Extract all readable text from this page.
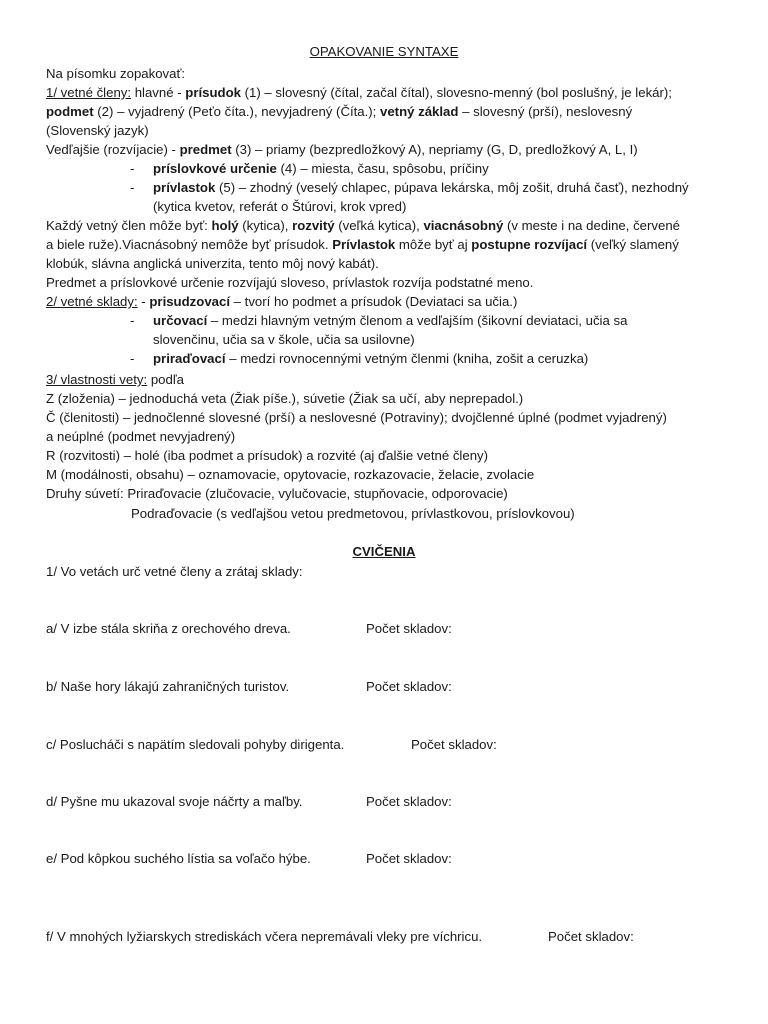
OPAKOVANIE SYNTAXE
Na písomku zopakovať:
1/ vetné členy: hlavné - prísudok (1) – slovesný (čítal, začal čítal), slovesno-menný (bol poslušný, je lekár);
podmet (2) – vyjadrený (Peťo číta.), nevyjadrený (Číta.); vetný základ – slovesný (prší), neslovesný
(Slovenský jazyk)
Vedľajšie (rozvíjacie) - predmet (3) – priamy (bezpredložkový A), nepriamy (G, D, predložkový A, L, I)
- príslovkové určenie (4) – miesta, času, spôsobu, príčiny
- prívlastok (5) – zhodný (veselý chlapec, púpava lekárska, môj zošit, druhá časť), nezhodný
(kytica kvetov, referát o Štúrovi, krok vpred)
Každý vetný člen môže byť: holý (kytica), rozvitý (veľká kytica), viacnásobný (v meste i na dedine, červené
a biele ruže).Viacnásobný nemôže byť prísudok. Prívlastok môže byť aj postupne rozvíjací (veľký slamený
klobúk, slávna anglická univerzita, tento môj nový kabát).
Predmet a príslovkové určenie rozvíjajú sloveso, prívlastok rozvíja podstatné meno.
2/ vetné sklady: - prisudzovací – tvorí ho podmet a prísudok (Deviataci sa učia.)
- určovací – medzi hlavným vetným členom a vedľajším (šikovní deviataci, učia sa
slovenčinu, učia sa v škole, učia sa usilovne)
- priraďovací – medzi rovnocennými vetným členmi (kniha, zošit a ceruzka)
3/ vlastnosti vety: podľa
Z (zloženia) – jednoduchá veta (Žiak píše.), súvetie (Žiak sa učí, aby neprepadol.)
Č (členitosti) – jednočlenné slovesné (prší) a neslovesné (Potraviny); dvojčlenné úplné (podmet vyjadrený)
a neúplné (podmet nevyjadrený)
R (rozvitosti) – holé (iba podmet a prísudok) a rozvité (aj ďalšie vetné členy)
M (modálnosti, obsahu) – oznamovacie, opytovacie, rozkazovacie, želacie, zvolacie
Druhy súvetí: Priraďovacie (zlučovacie, vylučovacie, stupňovacie, odporovacie)
Podraďovacie (s vedľajšou vetou predmetovou, prívlastkovou, príslovkovou)
CVIČENIA
1/ Vo vetách urč vetné členy a zrátaj sklady:
a/ V izbe stála skriňa z orechového dreva.	Počet skladov:
b/ Naše hory lákajú zahraničných turistov.	Počet skladov:
c/ Poslucháči s napätím sledovali pohyby dirigenta.	Počet skladov:
d/ Pyšne mu ukazoval svoje náčrty a maľby.	Počet skladov:
e/ Pod kôpkou suchého lístia sa voľačo hýbe.	Počet skladov:
f/ V mnohých lyžiarskych strediskách včera nepremávali vleky pre víchricu.	Počet skladov:
